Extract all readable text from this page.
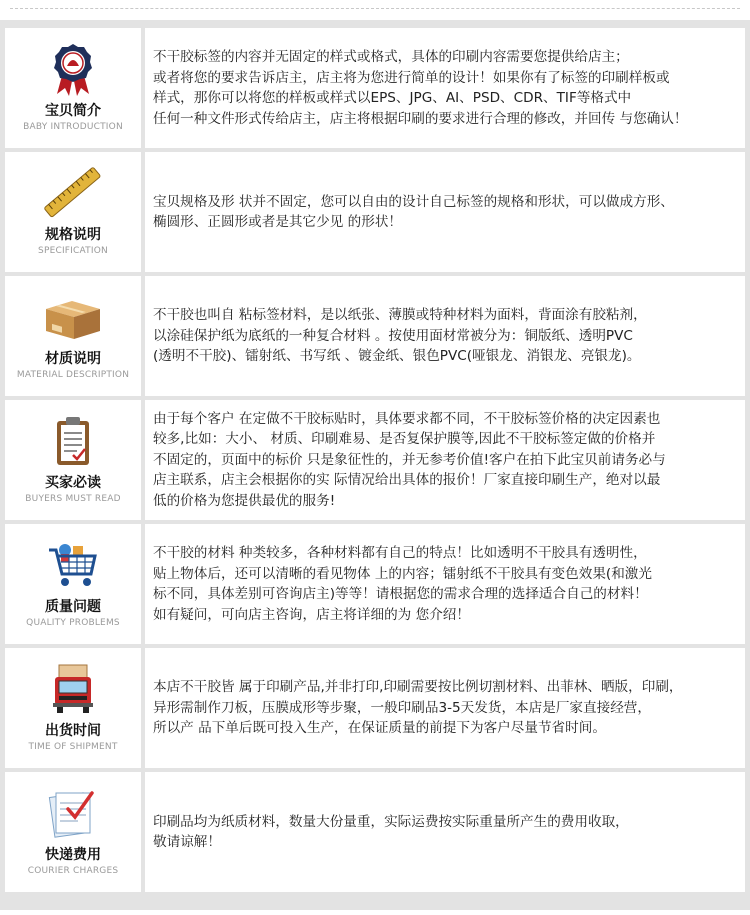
宝贝简介
BABY INTRODUCTION

不干胶标签的内容并无固定的样式或格式，具体的印刷内容需要您提供给店主；

或者将您的要求告诉店主，店主将为您进行简单的设计！如果你有了标签的印刷样板或

样式，那你可以将您的样板或样式以EPS、JPG、AI、PSD、CDR、TIF等格式中

任何一种文件形式传给店主，店主将根据印刷的要求进行合理的修改，并回传 与您确认！

规格说明
SPECIFICATION

宝贝规格及形 状并不固定，您可以自由的设计自己标签的规格和形状，可以做成方形、

椭圆形、正圆形或者是其它少见 的形状！

材质说明
MATERIAL DESCRIPTION

不干胶也叫自 粘标签材料，是以纸张、薄膜或特种材料为面料，背面涂有胶粘剂，

以涂硅保护纸为底纸的一种复合材料 。按使用面材常被分为：铜版纸、透明PVC

(透明不干胶)、镭射纸、书写纸 、镀金纸、银色PVC(哑银龙、消银龙、亮银龙)。

买家必读
BUYERS MUST READ

由于每个客户 在定做不干胶标贴时，具体要求都不同，不干胶标签价格的决定因素也

较多,比如：大小、 材质、印刷难易、是否复保护膜等,因此不干胶标签定做的价格并

不固定的，页面中的标价 只是象征性的，并无参考价值!客户在拍下此宝贝前请务必与

店主联系，店主会根据你的实 际情况给出具体的报价！厂家直接印刷生产，绝对以最

低的价格为您提供最优的服务!

质量问题
QUALITY PROBLEMS

不干胶的材料 种类较多，各种材料都有自己的特点！比如透明不干胶具有透明性，

贴上物体后，还可以清晰的看见物体 上的内容；镭射纸不干胶具有变色效果(和激光

标不同，具体差别可咨询店主)等等！请根据您的需求合理的选择适合自己的材料！

如有疑问，可向店主咨询，店主将详细的为 您介绍！

出货时间
TIME OF SHIPMENT

本店不干胶皆 属于印刷产品,并非打印,印刷需要按比例切割材料、出菲林、晒版，印刷，

异形需制作刀板，压膜成形等步聚，一般印刷品3-5天发货，本店是厂家直接经营，

所以产 品下单后既可投入生产，在保证质量的前提下为客户尽量节省时间。

快递费用
COURIER CHARGES

印刷品均为纸质材料，数量大份量重，实际运费按实际重量所产生的费用收取，

敬请谅解！
